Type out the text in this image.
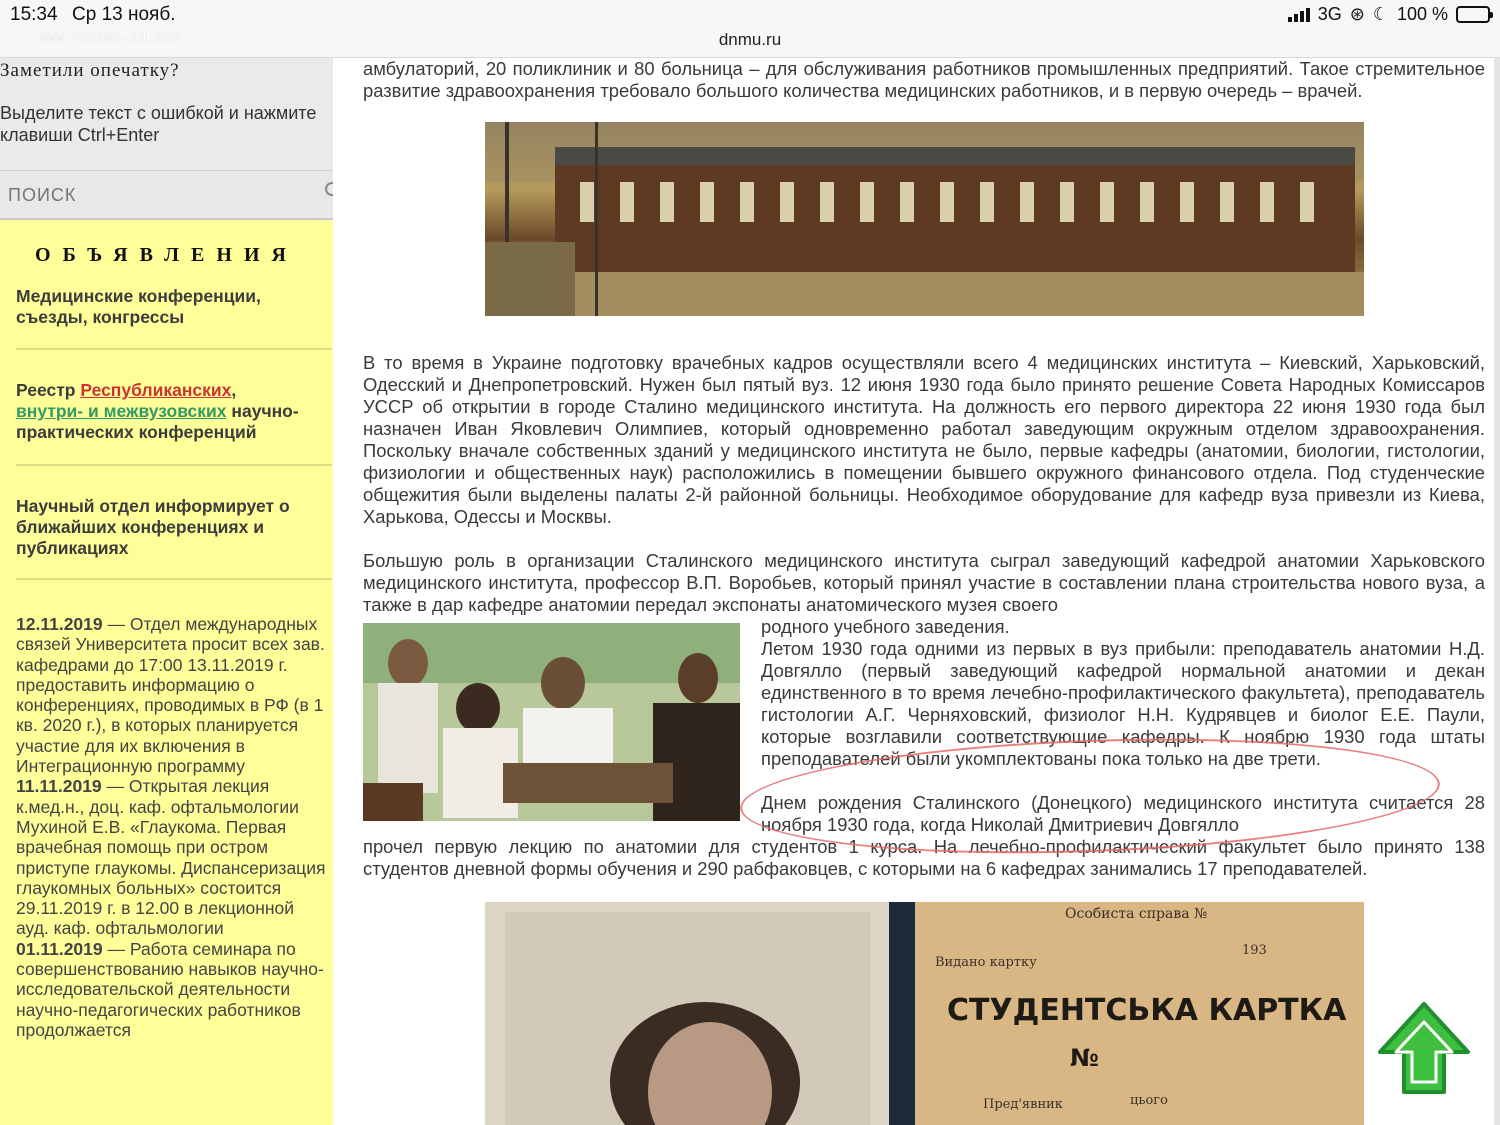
15:34 Ср 13 нояб.
WWW.FORUMS-SU.COM	dnmu.ru
3G ⊛ ☾ 100 %
Заметили опечатку?
Выделите текст с ошибкой и нажмите клавиши Ctrl+Enter
ПОИСК
ОБЪЯВЛЕНИЯ
Медицинские конференции, съезды, конгрессы
Реестр Республиканских,
внутри- и межвузовских научно-практических конференций
Научный отдел информирует о ближайших конференциях и публикациях
12.11.2019 — Отдел международных связей Университета просит всех зав. кафедрами до 17:00 13.11.2019 г. предоставить информацию о конференциях, проводимых в РФ (в 1 кв. 2020 г.), в которых планируется участие для их включения в Интеграционную программу
11.11.2019 — Открытая лекция к.мед.н., доц. каф. офтальмологии Мухиной Е.В. «Глаукома. Первая врачебная помощь при остром приступе глаукомы. Диспансеризация глаукомных больных» состоится 29.11.2019 г. в 12.00 в лекционной ауд. каф. офтальмологии
01.11.2019 — Работа семинара по совершенствованию навыков научно-исследовательской деятельности научно-педагогических работников продолжается
амбулаторий, 20 поликлиник и 80 больница – для обслуживания работников промышленных предприятий. Такое стремительное развитие здравоохранения требовало большого количества медицинских работников, и в первую очередь – врачей.
В то время в Украине подготовку врачебных кадров осуществляли всего 4 медицинских института – Киевский, Харьковский, Одесский и Днепропетровский. Нужен был пятый вуз. 12 июня 1930 года было принято решение Совета Народных Комиссаров УССР об открытии в городе Сталино медицинского института. На должность его первого директора 22 июня 1930 года был назначен Иван Яковлевич Олимпиев, который одновременно работал заведующим окружным отделом здравоохранения. Поскольку вначале собственных зданий у медицинского института не было, первые кафедры (анатомии, биологии, гистологии, физиологии и общественных наук) расположились в помещении бывшего окружного финансового отдела. Под студенческие общежития были выделены палаты 2-й районной больницы. Необходимое оборудование для кафедр вуза привезли из Киева, Харькова, Одессы и Москвы.
Большую роль в организации Сталинского медицинского института сыграл заведующий кафедрой анатомии Харьковского медицинского института, профессор В.П. Воробьев, который принял участие в составлении плана строительства нового вуза, а также в дар кафедре анатомии передал экспонаты анатомического музея своего
родного учебного заведения.
Летом 1930 года одними из первых в вуз прибыли: преподаватель анатомии Н.Д. Довгялло (первый заведующий кафедрой нормальной анатомии и декан единственного в то время лечебно-профилактического факультета), преподаватель гистологии А.Г. Черняховский, физиолог Н.Н. Кудрявцев и биолог Е.Е. Паули, которые возглавили соответствующие кафедры. К ноябрю 1930 года штаты преподавателей были укомплектованы пока только на две трети.
Днем рождения Сталинского (Донецкого) медицинского института считается 28 ноября 1930 года, когда Николай Дмитриевич Довгялло
прочел первую лекцию по анатомии для студентов 1 курса. На лечебно-профилактический факультет было принято 138 студентов дневной формы обучения и 290 рабфаковцев, с которыми на 6 кафедрах занимались 17 преподавателей.
Особиста справа №
Видано картку
193
СТУДЕНТСЬКА КАРТКА
№
Пред'явник	цього
